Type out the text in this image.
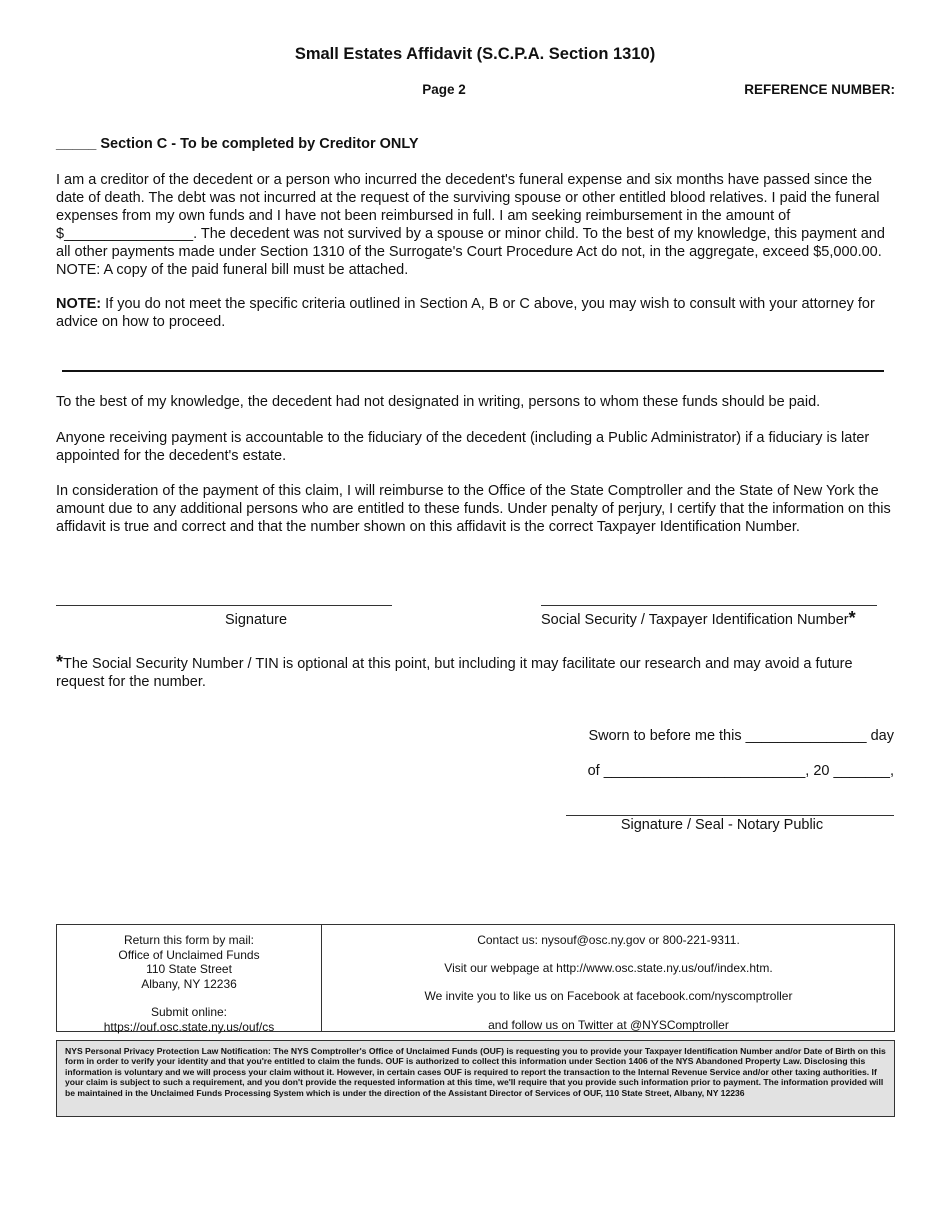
Small Estates Affidavit (S.C.P.A. Section 1310)
Page 2	REFERENCE NUMBER:
_____ Section C - To be completed by Creditor ONLY
I am a creditor of the decedent or a person who incurred the decedent's funeral expense and six months have passed since the date of death. The debt was not incurred at the request of the surviving spouse or other entitled blood relatives. I paid the funeral expenses from my own funds and I have not been reimbursed in full. I am seeking reimbursement in the amount of $________________. The decedent was not survived by a spouse or minor child. To the best of my knowledge, this payment and all other payments made under Section 1310 of the Surrogate's Court Procedure Act do not, in the aggregate, exceed $5,000.00. NOTE: A copy of the paid funeral bill must be attached.
NOTE: If you do not meet the specific criteria outlined in Section A, B or C above, you may wish to consult with your attorney for advice on how to proceed.
To the best of my knowledge, the decedent had not designated in writing, persons to whom these funds should be paid.
Anyone receiving payment is accountable to the fiduciary of the decedent (including a Public Administrator) if a fiduciary is later appointed for the decedent's estate.
In consideration of the payment of this claim, I will reimburse to the Office of the State Comptroller and the State of New York the amount due to any additional persons who are entitled to these funds. Under penalty of perjury, I certify that the information on this affidavit is true and correct and that the number shown on this affidavit is the correct Taxpayer Identification Number.
Signature	Social Security / Taxpayer Identification Number*
*The Social Security Number / TIN is optional at this point, but including it may facilitate our research and may avoid a future request for the number.
Sworn to before me this _______________ day
of _________________________, 20 _______,
Signature / Seal - Notary Public
Return this form by mail:
Office of Unclaimed Funds
110 State Street
Albany, NY 12236
Submit online:
https://ouf.osc.state.ny.us/ouf/cs
Contact us: nysouf@osc.ny.gov or 800-221-9311.
Visit our webpage at http://www.osc.state.ny.us/ouf/index.htm.
We invite you to like us on Facebook at facebook.com/nyscomptroller
and follow us on Twitter at @NYSComptroller
NYS Personal Privacy Protection Law Notification: The NYS Comptroller's Office of Unclaimed Funds (OUF) is requesting you to provide your Taxpayer Identification Number and/or Date of Birth on this form in order to verify your identity and that you're entitled to claim the funds. OUF is authorized to collect this information under Section 1406 of the NYS Abandoned Property Law. Disclosing this information is voluntary and we will process your claim without it. However, in certain cases OUF is required to report the transaction to the Internal Revenue Service and/or other taxing authorities. If your claim is subject to such a requirement, and you don't provide the requested information at this time, we'll require that you provide such information prior to payment. The information provided will be maintained in the Unclaimed Funds Processing System which is under the direction of the Assistant Director of Services of OUF, 110 State Street, Albany, NY 12236
